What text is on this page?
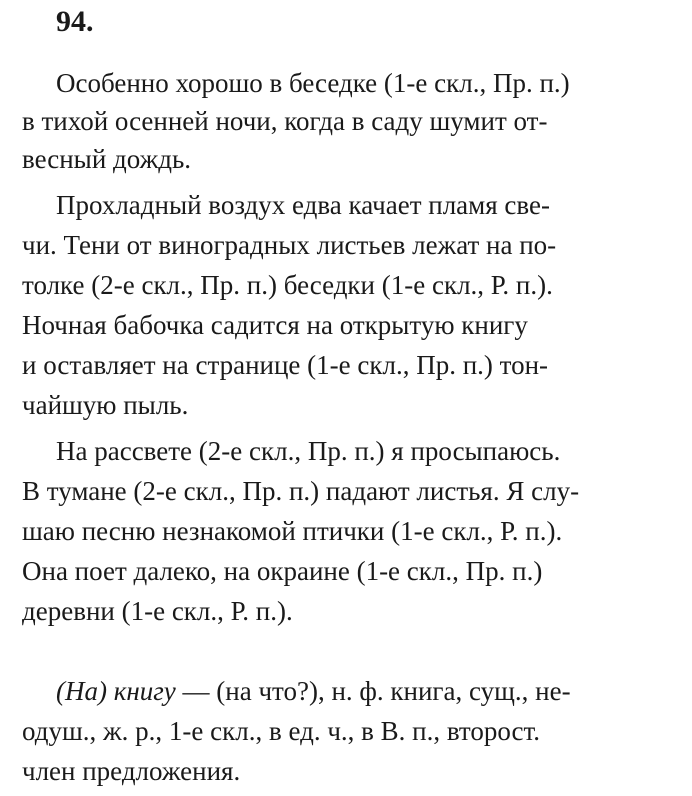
94.
Особенно хорошо в беседке (1-е скл., Пр. п.)
в тихой осенней ночи, когда в саду шумит от-
весный дождь.
Прохладный воздух едва качает пламя све-
чи. Тени от виноградных листьев лежат на по-
толке (2-е скл., Пр. п.) беседки (1-е скл., Р. п.).
Ночная бабочка садится на открытую книгу
и оставляет на странице (1-е скл., Пр. п.) тон-
чайшую пыль.
На рассвете (2-е скл., Пр. п.) я просыпаюсь.
В тумане (2-е скл., Пр. п.) падают листья. Я слу-
шаю песню незнакомой птички (1-е скл., Р. п.).
Она поет далеко, на окраине (1-е скл., Пр. п.)
деревни (1-е скл., Р. п.).
(На) книгу — (на что?), н. ф. книга, сущ., не-
одуш., ж. р., 1-е скл., в ед. ч., в В. п., второст.
член предложения.
